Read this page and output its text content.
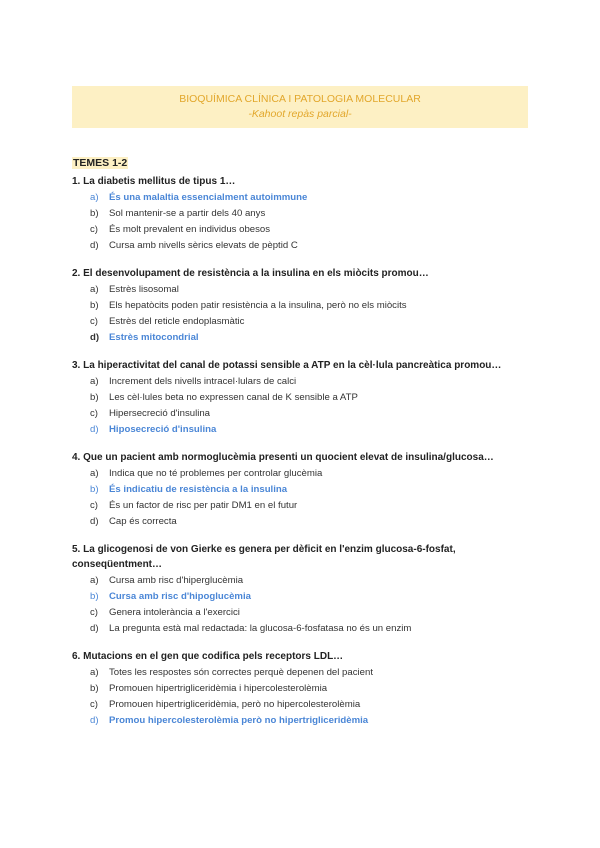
BIOQUÍMICA CLÍNICA I PATOLOGIA MOLECULAR
-Kahoot repàs parcial-
TEMES 1-2
1. La diabetis mellitus de tipus 1…
a)	És una malaltia essencialment autoimmune
b)	Sol mantenir-se a partir dels 40 anys
c)	És molt prevalent en individus obesos
d)	Cursa amb nivells sèrics elevats de pèptid C
2. El desenvolupament de resistència a la insulina en els miòcits promou…
a)	Estrès lisosomal
b)	Els hepatòcits poden patir resistència a la insulina, però no els miòcits
c)	Estrès del reticle endoplasmàtic
d)	Estrès mitocondrial
3. La hiperactivitat del canal de potassi sensible a ATP en la cèl·lula pancreàtica promou…
a)	Increment dels nivells intracel·lulars de calci
b)	Les cèl·lules beta no expressen canal de K sensible a ATP
c)	Hipersecreció d'insulina
d)	Hiposecreció d'insulina
4. Que un pacient amb normoglucèmia presenti un quocient elevat de insulina/glucosa…
a)	Indica que no té problemes per controlar glucèmia
b)	És indicatiu de resistència a la insulina
c)	És un factor de risc per patir DM1 en el futur
d)	Cap és correcta
5. La glicogenosi de von Gierke es genera per dèficit en l'enzim glucosa-6-fosfat, conseqüentment…
a)	Cursa amb risc d'hiperglucèmia
b)	Cursa amb risc d'hipoglucèmia
c)	Genera intolerància a l'exercici
d)	La pregunta està mal redactada: la glucosa-6-fosfatasa no és un enzim
6. Mutacions en el gen que codifica pels receptors LDL…
a)	Totes les respostes són correctes perquè depenen del pacient
b)	Promouen hipertrigliceridèmia i hipercolesterolèmia
c)	Promouen hipertrigliceridèmia, però no hipercolesterolèmia
d)	Promou hipercolesterolèmia però no hipertrigliceridèmia
